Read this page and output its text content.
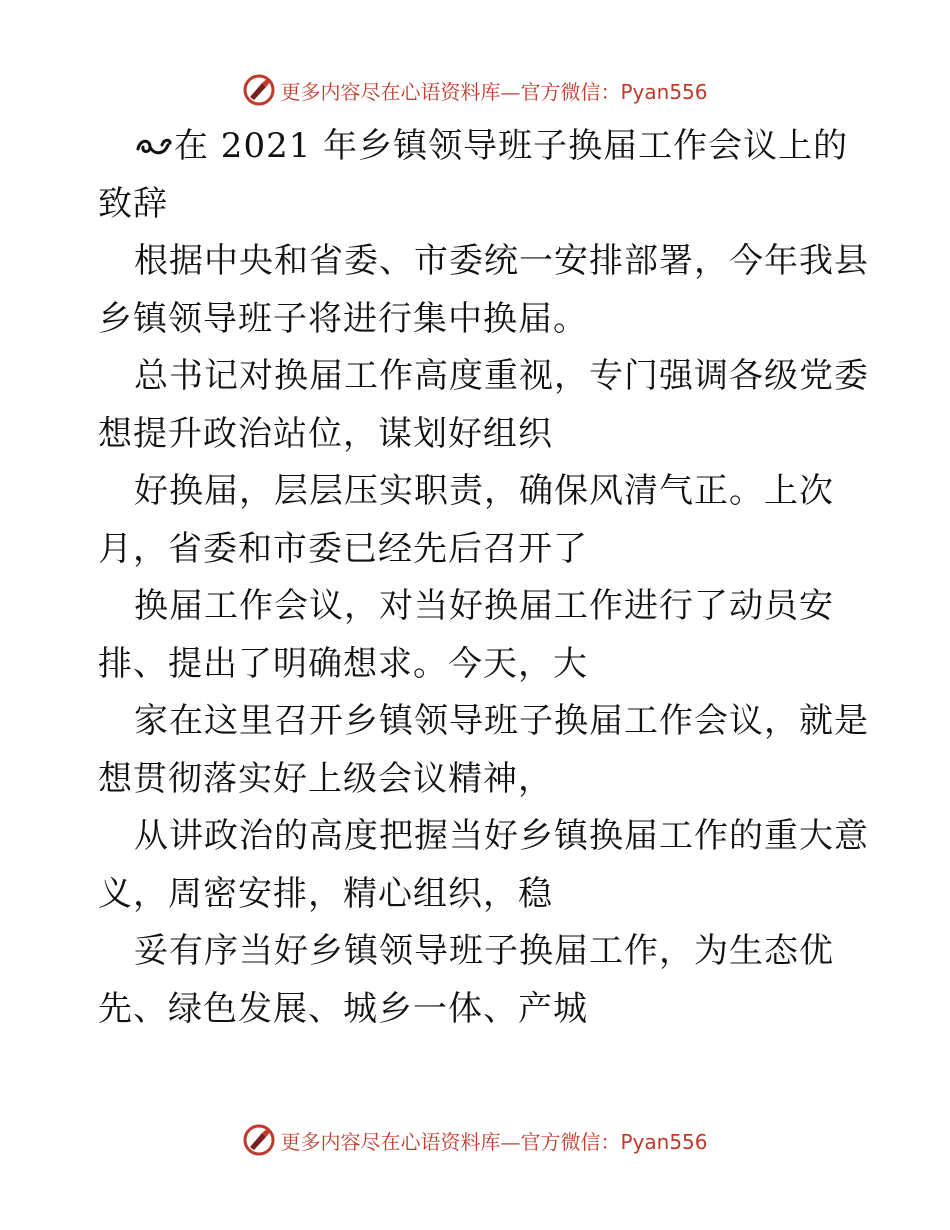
更多内容尽在心语资料库—官方微信：Pyan556
在 2021 年乡镇领导班子换届工作会议上的
致辞
根据中央和省委、市委统一安排部署，今年我县
乡镇领导班子将进行集中换届。
总书记对换届工作高度重视，专门强调各级党委
想提升政治站位，谋划好组织
好换届，层层压实职责，确保风清气正。上次
月，省委和市委已经先后召开了
换届工作会议，对当好换届工作进行了动员安
排、提出了明确想求。今天，大
家在这里召开乡镇领导班子换届工作会议，就是
想贯彻落实好上级会议精神，
从讲政治的高度把握当好乡镇换届工作的重大意
义，周密安排，精心组织，稳
妥有序当好乡镇领导班子换届工作，为生态优
先、绿色发展、城乡一体、产城
更多内容尽在心语资料库—官方微信：Pyan556
